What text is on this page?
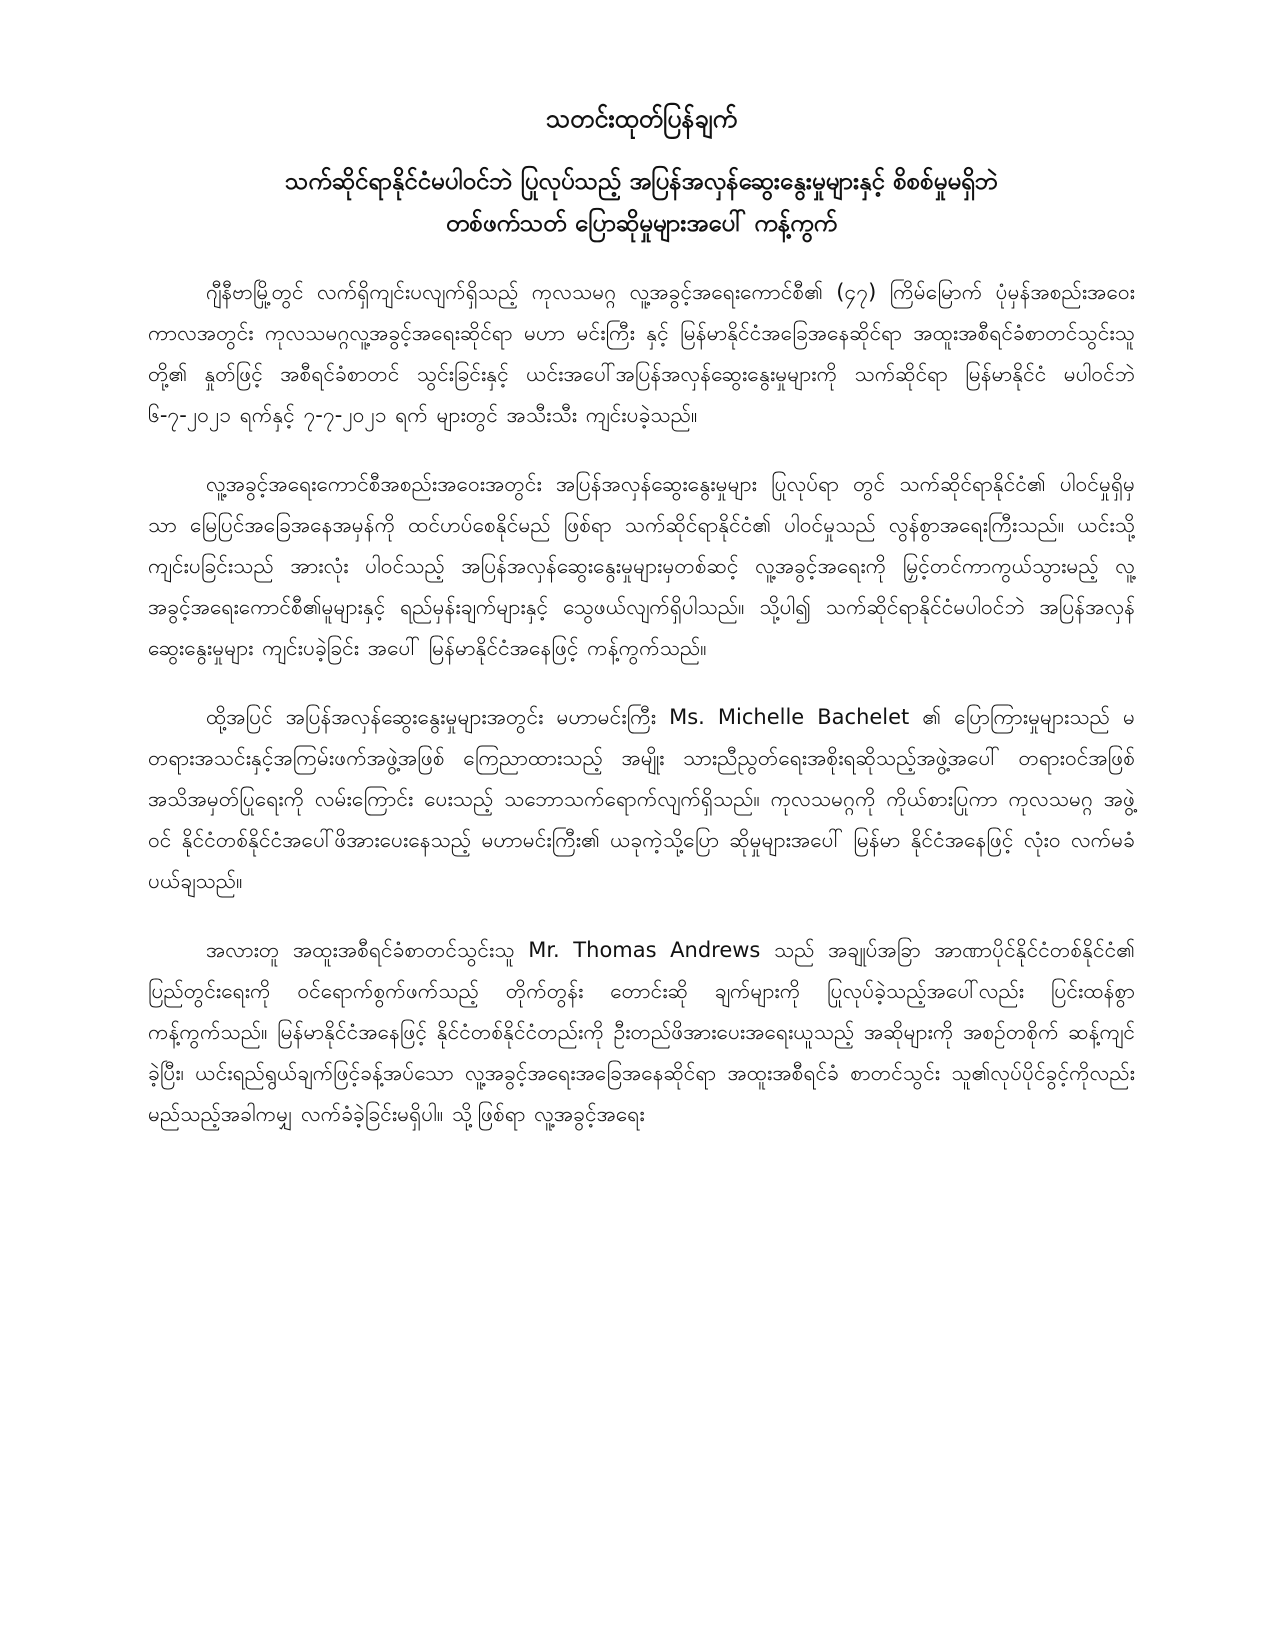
သတင်းထုတ်ပြန်ချက်
သက်ဆိုင်ရာနိုင်ငံမပါဝင်ဘဲ ပြုလုပ်သည့် အပြန်အလှန်ဆွေးနွေးမှုများနှင့် စိစစ်မှုမရှိဘဲ
တစ်ဖက်သတ် ပြောဆိုမှုများအပေါ် ကန့်ကွက်

ဂျီနီဗာမြို့တွင် လက်ရှိကျင်းပလျက်ရှိသည့် ကုလသမဂ္ဂ လူ့အခွင့်အရေးကောင်စီ၏ (၄၇) ကြိမ်မြောက် ပုံမှန်အစည်းအဝေးကာလအတွင်း ကုလသမဂ္ဂလူ့အခွင့်အရေးဆိုင်ရာ မဟာ မင်းကြီး နှင့် မြန်မာနိုင်ငံအခြေအနေဆိုင်ရာ အထူးအစီရင်ခံစာတင်သွင်းသူတို့၏ နှုတ်ဖြင့် အစီရင်ခံစာတင် သွင်းခြင်းနှင့် ယင်းအပေါ်အပြန်အလှန်ဆွေးနွေးမှုများကို သက်ဆိုင်ရာ မြန်မာနိုင်ငံ မပါဝင်ဘဲ ၆-၇-၂၀၂၁ ရက်နှင့် ၇-၇-၂၀၂၁ ရက် များတွင် အသီးသီး ကျင်းပခဲ့သည်။

လူ့အခွင့်အရေးကောင်စီအစည်းအဝေးအတွင်း အပြန်အလှန်ဆွေးနွေးမှုများ ပြုလုပ်ရာ တွင် သက်ဆိုင်ရာနိုင်ငံ၏ ပါဝင်မှုရှိမှသာ မြေပြင်အခြေအနေအမှန်ကို ထင်ဟပ်စေနိုင်မည် ဖြစ်ရာ သက်ဆိုင်ရာနိုင်ငံ၏ ပါဝင်မှုသည် လွန်စွာအရေးကြီးသည်။ ယင်းသို့ကျင်းပခြင်းသည် အားလုံး ပါဝင်သည့် အပြန်အလှန်ဆွေးနွေးမှုများမှတစ်ဆင့် လူ့အခွင့်အရေးကို မြှင့်တင်ကာကွယ်သွားမည့် လူ့အခွင့်အရေးကောင်စီ၏မူများနှင့် ရည်မှန်းချက်များနှင့် သွေဖယ်လျက်ရှိပါသည်။ သို့ပါ၍ သက်ဆိုင်ရာနိုင်ငံမပါဝင်ဘဲ အပြန်အလှန်ဆွေးနွေးမှုများ ကျင်းပခဲ့ခြင်း အပေါ် မြန်မာနိုင်ငံအနေဖြင့် ကန့်ကွက်သည်။

ထို့အပြင် အပြန်အလှန်ဆွေးနွေးမှုများအတွင်း မဟာမင်းကြီး Ms. Michelle Bachelet ၏ ပြောကြားမှုများသည် မတရားအသင်းနှင့်အကြမ်းဖက်အဖွဲ့အဖြစ် ကြေညာထားသည့် အမျိုး သားညီညွတ်ရေးအစိုးရဆိုသည့်အဖွဲ့အပေါ် တရားဝင်အဖြစ် အသိအမှတ်ပြုရေးကို လမ်းကြောင်း ပေးသည့် သဘောသက်ရောက်လျက်ရှိသည်။ ကုလသမဂ္ဂကို ကိုယ်စားပြုကာ ကုလသမဂ္ဂ အဖွဲ့ဝင် နိုင်ငံတစ်နိုင်ငံအပေါ်ဖိအားပေးနေသည့် မဟာမင်းကြီး၏ ယခုကဲ့သို့ပြော ဆိုမှုများအပေါ် မြန်မာ နိုင်ငံအနေဖြင့် လုံးဝ လက်မခံပယ်ချသည်။

အလားတူ အထူးအစီရင်ခံစာတင်သွင်းသူ Mr. Thomas Andrews သည် အချုပ်အခြာ အာဏာပိုင်နိုင်ငံတစ်နိုင်ငံ၏ ပြည်တွင်းရေးကို ဝင်ရောက်စွက်ဖက်သည့် တိုက်တွန်း တောင်းဆို ချက်များကို ပြုလုပ်ခဲ့သည့်အပေါ်လည်း ပြင်းထန်စွာ ကန့်ကွက်သည်။ မြန်မာနိုင်ငံအနေဖြင့် နိုင်ငံတစ်နိုင်ငံတည်းကို ဦးတည်ဖိအားပေးအရေးယူသည့် အဆိုများကို အစဉ်တစိုက် ဆန့်ကျင်ခဲ့ပြီး၊ ယင်းရည်ရွယ်ချက်ဖြင့်ခန့်အပ်သော လူ့အခွင့်အရေးအခြေအနေဆိုင်ရာ အထူးအစီရင်ခံ စာတင်သွင်း သူ၏လုပ်ပိုင်ခွင့်ကိုလည်း မည်သည့်အခါကမျှ လက်ခံခဲ့ခြင်းမရှိပါ။ သို့ဖြစ်ရာ လူ့အခွင့်အရေး
